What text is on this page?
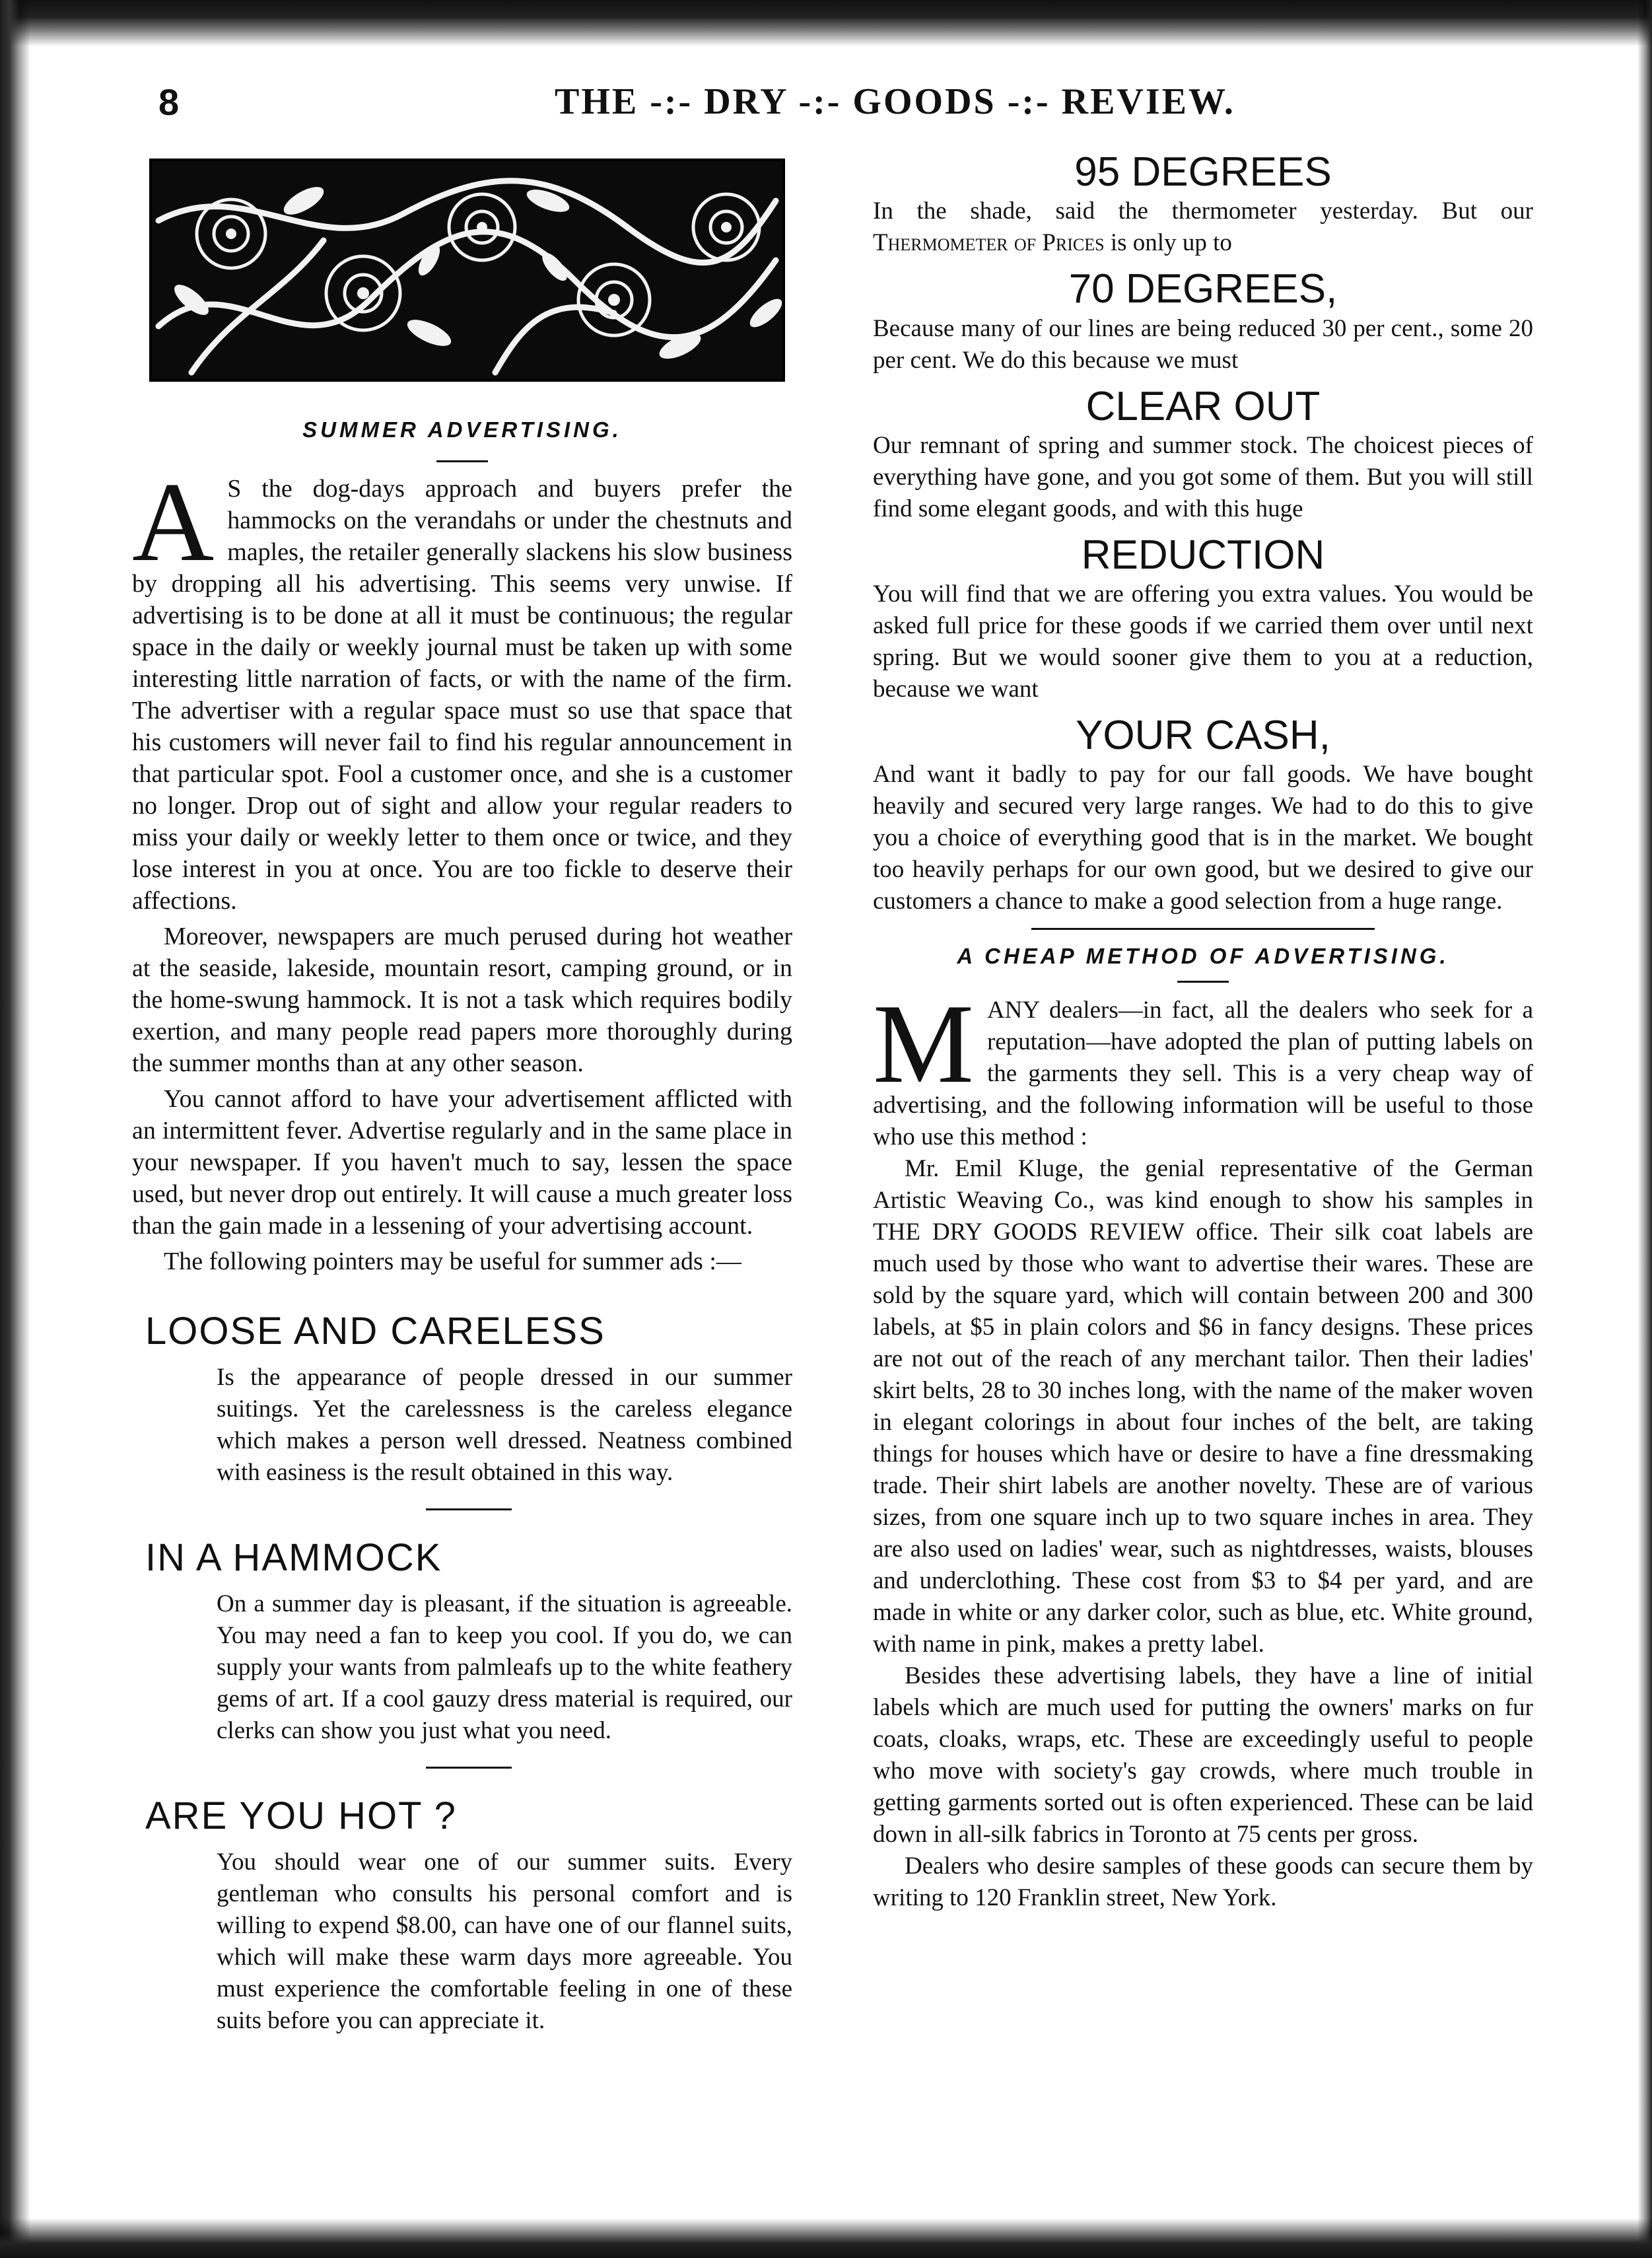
8	THE -:- DRY -:- GOODS -:- REVIEW.
SUMMER ADVERTISING.

A S the dog-days approach and buyers prefer the hammocks on the verandahs or under the chestnuts and maples, the retailer generally slackens his slow business by dropping all his advertising. This seems very unwise. If advertising is to be done at all it must be continuous; the regular space in the daily or weekly journal must be taken up with some interesting little narration of facts, or with the name of the firm. The advertiser with a regular space must so use that space that his customers will never fail to find his regular announcement in that particular spot. Fool a customer once, and she is a customer no longer. Drop out of sight and allow your regular readers to miss your daily or weekly letter to them once or twice, and they lose interest in you at once. You are too fickle to deserve their affections.

Moreover, newspapers are much perused during hot weather at the seaside, lakeside, mountain resort, camping ground, or in the home-swung hammock. It is not a task which requires bodily exertion, and many people read papers more thoroughly during the summer months than at any other season.

You cannot afford to have your advertisement afflicted with an intermittent fever. Advertise regularly and in the same place in your newspaper. If you haven't much to say, lessen the space used, but never drop out entirely. It will cause a much greater loss than the gain made in a lessening of your advertising account.

The following pointers may be useful for summer ads :—

LOOSE AND CARELESS

Is the appearance of people dressed in our summer suitings. Yet the carelessness is the careless elegance which makes a person well dressed. Neatness combined with easiness is the result obtained in this way.

IN A HAMMOCK

On a summer day is pleasant, if the situation is agreeable. You may need a fan to keep you cool. If you do, we can supply your wants from palmleafs up to the white feathery gems of art. If a cool gauzy dress material is required, our clerks can show you just what you need.

ARE YOU HOT ?

You should wear one of our summer suits. Every gentleman who consults his personal comfort and is willing to expend $8.00, can have one of our flannel suits, which will make these warm days more agreeable. You must experience the comfortable feeling in one of these suits before you can appreciate it.

95 DEGREES

In the shade, said the thermometer yesterday. But our Thermometer of Prices is only up to

70 DEGREES,

Because many of our lines are being reduced 30 per cent., some 20 per cent. We do this because we must

CLEAR OUT

Our remnant of spring and summer stock. The choicest pieces of everything have gone, and you got some of them. But you will still find some elegant goods, and with this huge

REDUCTION

You will find that we are offering you extra values. You would be asked full price for these goods if we carried them over until next spring. But we would sooner give them to you at a reduction, because we want

YOUR CASH,

And want it badly to pay for our fall goods. We have bought heavily and secured very large ranges. We had to do this to give you a choice of everything good that is in the market. We bought too heavily perhaps for our own good, but we desired to give our customers a chance to make a good selection from a huge range.

A CHEAP METHOD OF ADVERTISING.

MANY dealers—in fact, all the dealers who seek for a reputation—have adopted the plan of putting labels on the garments they sell. This is a very cheap way of advertising, and the following information will be useful to those who use this method :

Mr. Emil Kluge, the genial representative of the German Artistic Weaving Co., was kind enough to show his samples in THE DRY GOODS REVIEW office. Their silk coat labels are much used by those who want to advertise their wares. These are sold by the square yard, which will contain between 200 and 300 labels, at $5 in plain colors and $6 in fancy designs. These prices are not out of the reach of any merchant tailor. Then their ladies' skirt belts, 28 to 30 inches long, with the name of the maker woven in elegant colorings in about four inches of the belt, are taking things for houses which have or desire to have a fine dressmaking trade. Their shirt labels are another novelty. These are of various sizes, from one square inch up to two square inches in area. They are also used on ladies' wear, such as nightdresses, waists, blouses and underclothing. These cost from $3 to $4 per yard, and are made in white or any darker color, such as blue, etc. White ground, with name in pink, makes a pretty label.

Besides these advertising labels, they have a line of initial labels which are much used for putting the owners' marks on fur coats, cloaks, wraps, etc. These are exceedingly useful to people who move with society's gay crowds, where much trouble in getting garments sorted out is often experienced. These can be laid down in all-silk fabrics in Toronto at 75 cents per gross.

Dealers who desire samples of these goods can secure them by writing to 120 Franklin street, New York.
